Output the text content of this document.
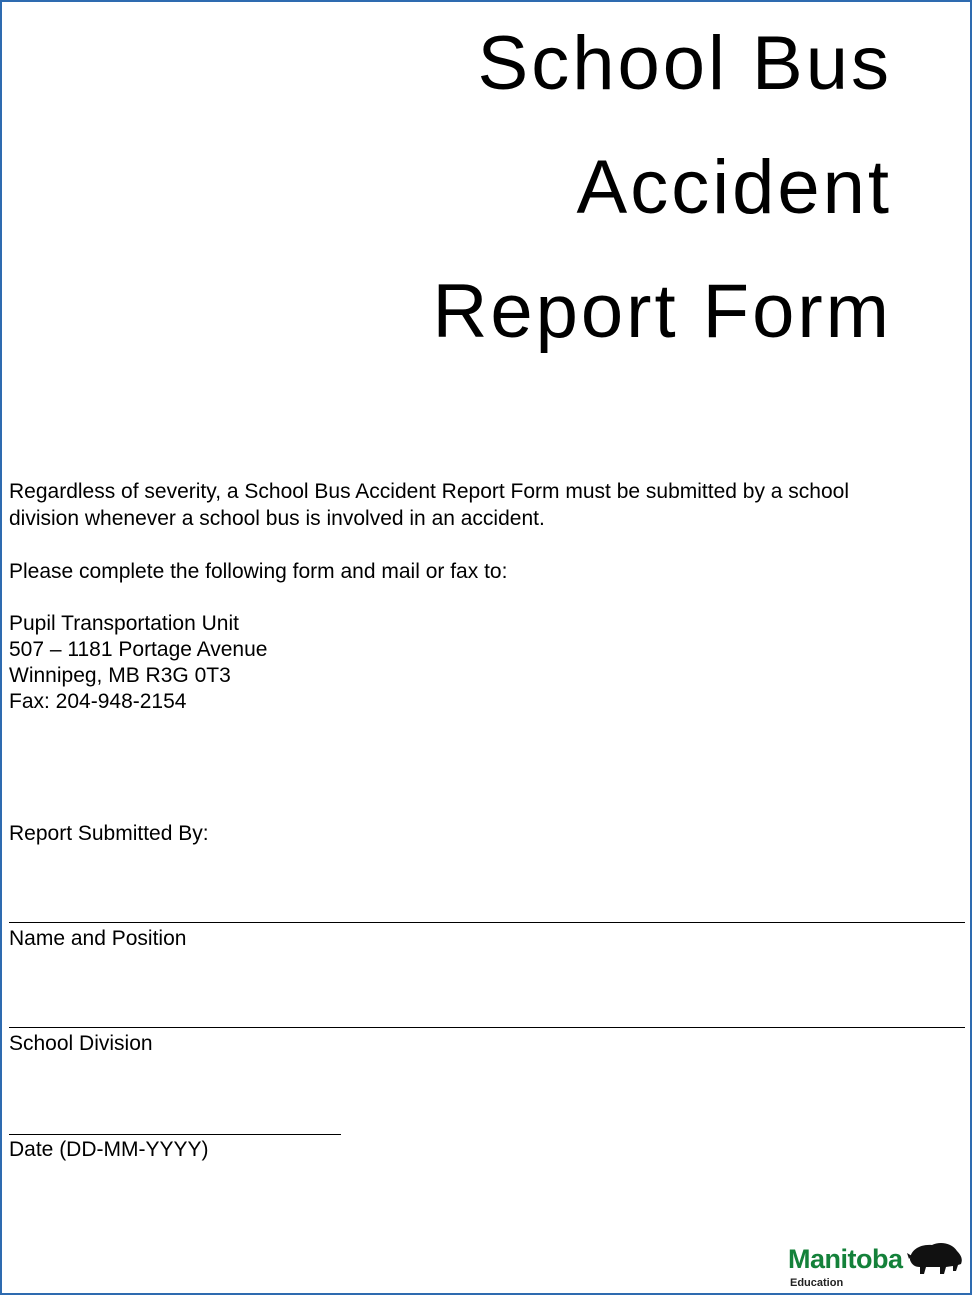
School Bus
Accident
Report Form
Regardless of severity, a School Bus Accident Report Form must be submitted by a school
division whenever a school bus is involved in an accident.
Please complete the following form and mail or fax to:
Pupil Transportation Unit
507 – 1181 Portage Avenue
Winnipeg, MB R3G 0T3
Fax: 204-948-2154
Report Submitted By:
Name and Position
School Division
Date (DD-MM-YYYY)
Manitoba
Education
